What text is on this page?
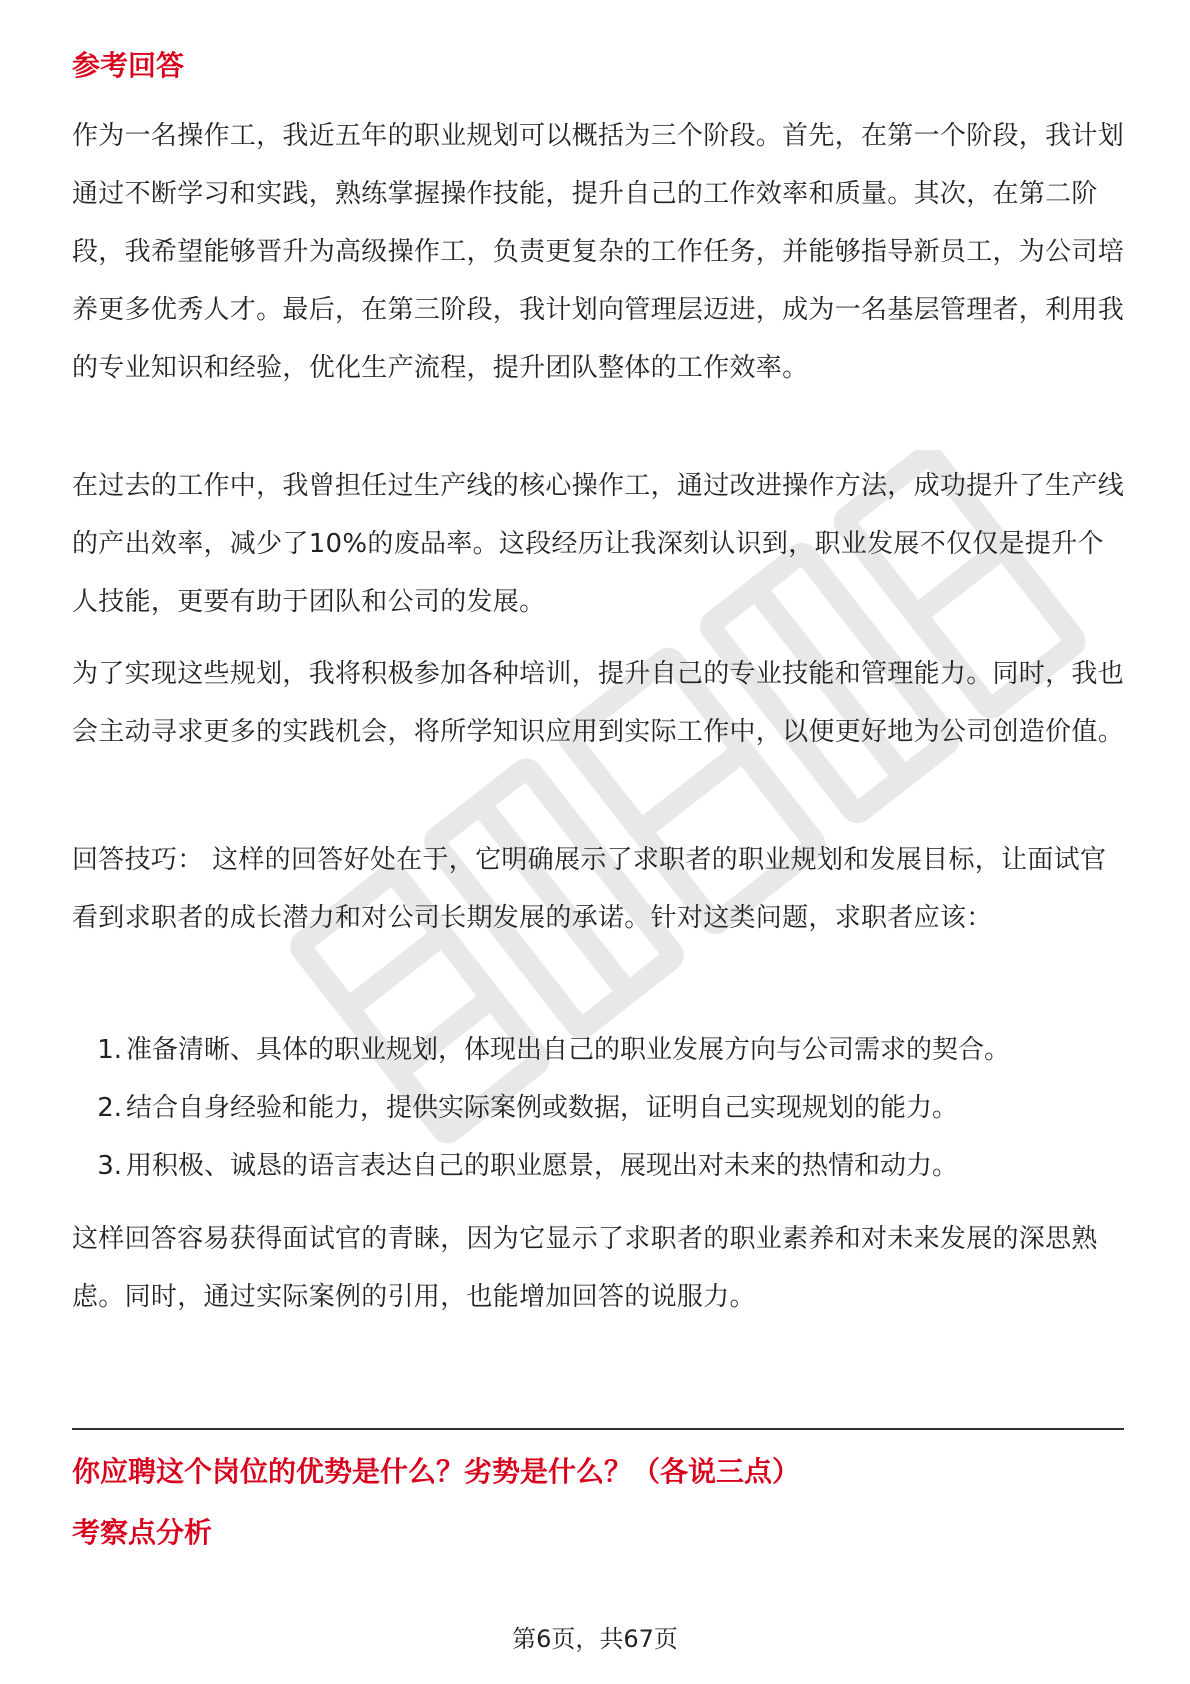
参考回答

作为一名操作工，我近五年的职业规划可以概括为三个阶段。首先，在第一个阶段，我计划通过不断学习和实践，熟练掌握操作技能，提升自己的工作效率和质量。其次，在第二阶段，我希望能够晋升为高级操作工，负责更复杂的工作任务，并能够指导新员工，为公司培养更多优秀人才。最后，在第三阶段，我计划向管理层迈进，成为一名基层管理者，利用我的专业知识和经验，优化生产流程，提升团队整体的工作效率。

在过去的工作中，我曾担任过生产线的核心操作工，通过改进操作方法，成功提升了生产线的产出效率，减少了10%的废品率。这段经历让我深刻认识到，职业发展不仅仅是提升个人技能，更要有助于团队和公司的发展。

为了实现这些规划，我将积极参加各种培训，提升自己的专业技能和管理能力。同时，我也会主动寻求更多的实践机会，将所学知识应用到实际工作中，以便更好地为公司创造价值。

回答技巧： 这样的回答好处在于，它明确展示了求职者的职业规划和发展目标，让面试官看到求职者的成长潜力和对公司长期发展的承诺。针对这类问题，求职者应该：

1. 准备清晰、具体的职业规划，体现出自己的职业发展方向与公司需求的契合。
2. 结合自身经验和能力，提供实际案例或数据，证明自己实现规划的能力。
3. 用积极、诚恳的语言表达自己的职业愿景，展现出对未来的热情和动力。

这样回答容易获得面试官的青睐，因为它显示了求职者的职业素养和对未来发展的深思熟虑。同时，通过实际案例的引用，也能增加回答的说服力。

你应聘这个岗位的优势是什么？劣势是什么？（各说三点）
考察点分析
第6页，共67页
